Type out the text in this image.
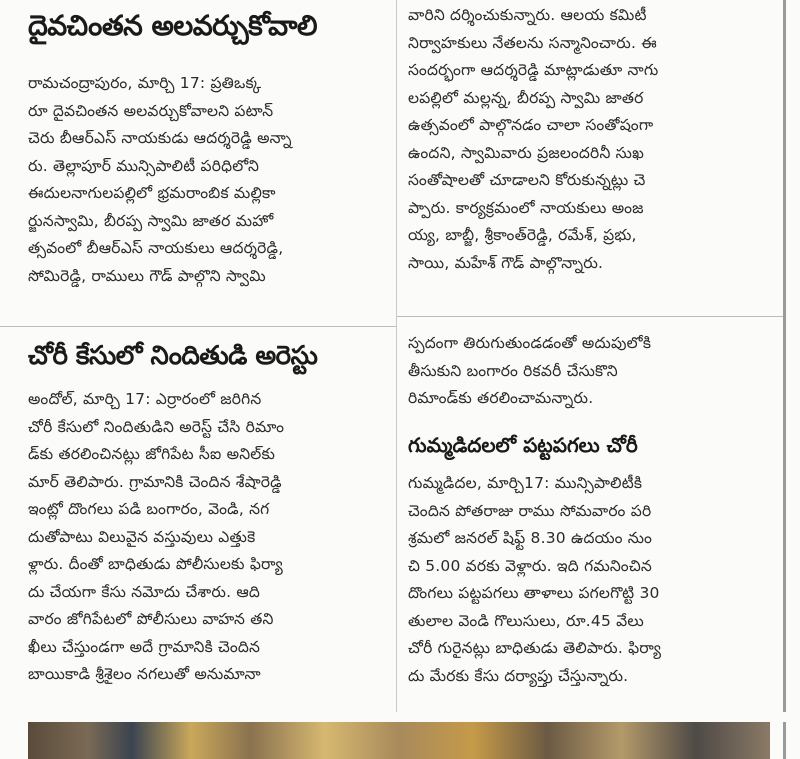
దైవచింతన అలవర్చుకోవాలి
రామచంద్రాపురం, మార్చి 17: ప్రతిఒక్క
రూ దైవచింతన అలవర్చుకోవాలని పటాన్
చెరు బీఆర్ఎస్ నాయకుడు ఆదర్శరెడ్డి అన్నా
రు. తెల్లాపూర్ మున్సిపాలిటీ పరిధిలోని
ఈదులనాగులపల్లిలో భ్రమరాంబిక మల్లికా
ర్జునస్వామి, బీరప్ప స్వామి జాతర మహో
త్సవంలో బీఆర్ఎస్ నాయకులు ఆదర్శరెడ్డి,
సోమిరెడ్డి, రాములు గౌడ్ పాల్గొని స్వామి
వారిని దర్శించుకున్నారు. ఆలయ కమిటీ
నిర్వాహకులు నేతలను సన్మానించారు. ఈ
సందర్భంగా ఆదర్శరెడ్డి మాట్లాడుతూ నాగు
లపల్లిలో మల్లన్న, బీరప్ప స్వామి జాతర
ఉత్సవంలో పాల్గొనడం చాలా సంతోషంగా
ఉందని, స్వామివారు ప్రజలందరినీ సుఖ
సంతోషాలతో చూడాలని కోరుకున్నట్లు చె
ప్పారు. కార్యక్రమంలో నాయకులు అంజ
య్య, బాబ్జీ, శ్రీకాంత్‌రెడ్డి, రమేశ్, ప్రభు,
సాయి, మహేశ్ గౌడ్ పాల్గొన్నారు.
చోరీ కేసులో నిందితుడి అరెస్టు
అందోల్, మార్చి 17: ఎర్రారంలో జరిగిన
చోరీ కేసులో నిందితుడిని అరెస్ట్ చేసి రిమాం
డ్‌కు తరలించినట్లు జోగిపేట సీఐ అనిల్‌కు
మార్ తెలిపారు. గ్రామానికి చెందిన శేషారెడ్డి
ఇంట్లో దొంగలు పడి బంగారం, వెండి, నగ
దుతోపాటు విలువైన వస్తువులు ఎత్తుకె
ళ్లారు. దీంతో బాధితుడు పోలీసులకు ఫిర్యా
దు చేయగా కేసు నమోదు చేశారు. ఆది
వారం జోగిపేటలో పోలీసులు వాహన తని
ఖీలు చేస్తుండగా అదే గ్రామానికి చెందిన
బాయికాడి శ్రీశైలం నగలుతో అనుమానా
స్పదంగా తిరుగుతుండడంతో అదుపులోకి
తీసుకుని బంగారం రికవరీ చేసుకొని
రిమాండ్‌కు తరలించామన్నారు.
గుమ్మడిదలలో పట్టపగలు చోరీ
గుమ్మడిదల, మార్చి17: మున్సిపాలిటీకి
చెందిన పోతరాజు రాము సోమవారం పరి
శ్రమలో జనరల్ షిఫ్ట్ 8.30 ఉదయం నుం
చి 5.00 వరకు వెళ్లారు. ఇది గమనించిన
దొంగలు పట్టపగలు తాళాలు పగలగొట్టి 30
తులాల వెండి గొలుసులు, రూ.45 వేలు
చోరీ గురైనట్లు బాధితుడు తెలిపారు. ఫిర్యా
దు మేరకు కేసు దర్యాప్తు చేస్తున్నారు.
